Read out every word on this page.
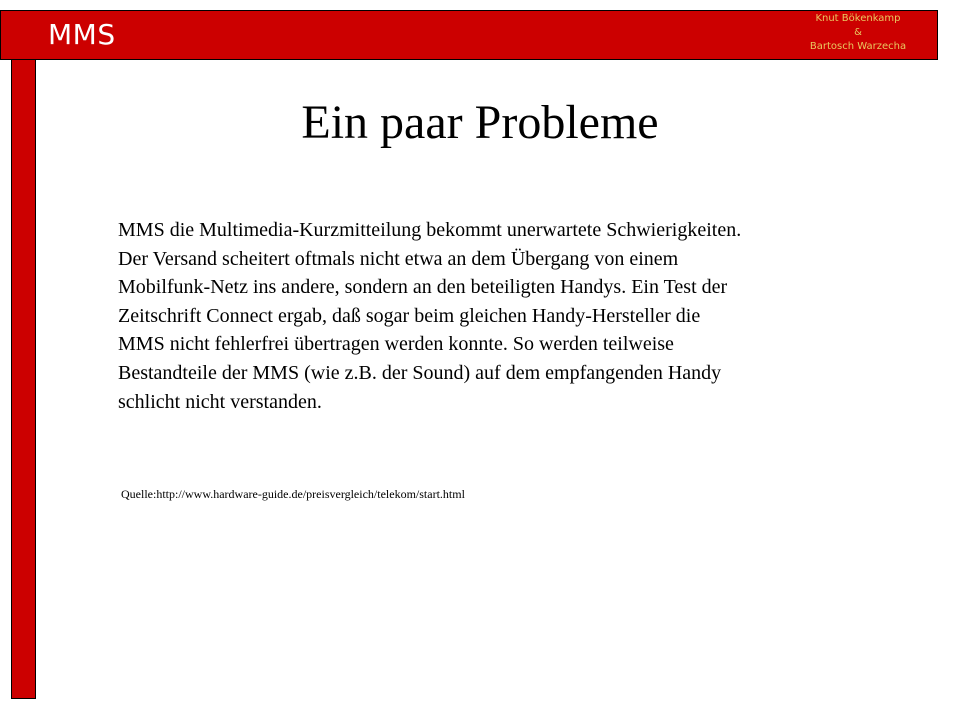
MMS	Knut Bökenkamp
&
Bartosch Warzecha
Ein paar Probleme
MMS die Multimedia-Kurzmitteilung bekommt unerwartete Schwierigkeiten.
Der Versand scheitert oftmals nicht etwa an dem Übergang von einem
Mobilfunk-Netz ins andere, sondern an den beteiligten Handys. Ein Test der
Zeitschrift Connect ergab, daß sogar beim gleichen Handy-Hersteller die
MMS nicht fehlerfrei übertragen werden konnte. So werden teilweise
Bestandteile der MMS (wie z.B. der Sound) auf dem empfangenden Handy
schlicht nicht verstanden.
Quelle:http://www.hardware-guide.de/preisvergleich/telekom/start.html
